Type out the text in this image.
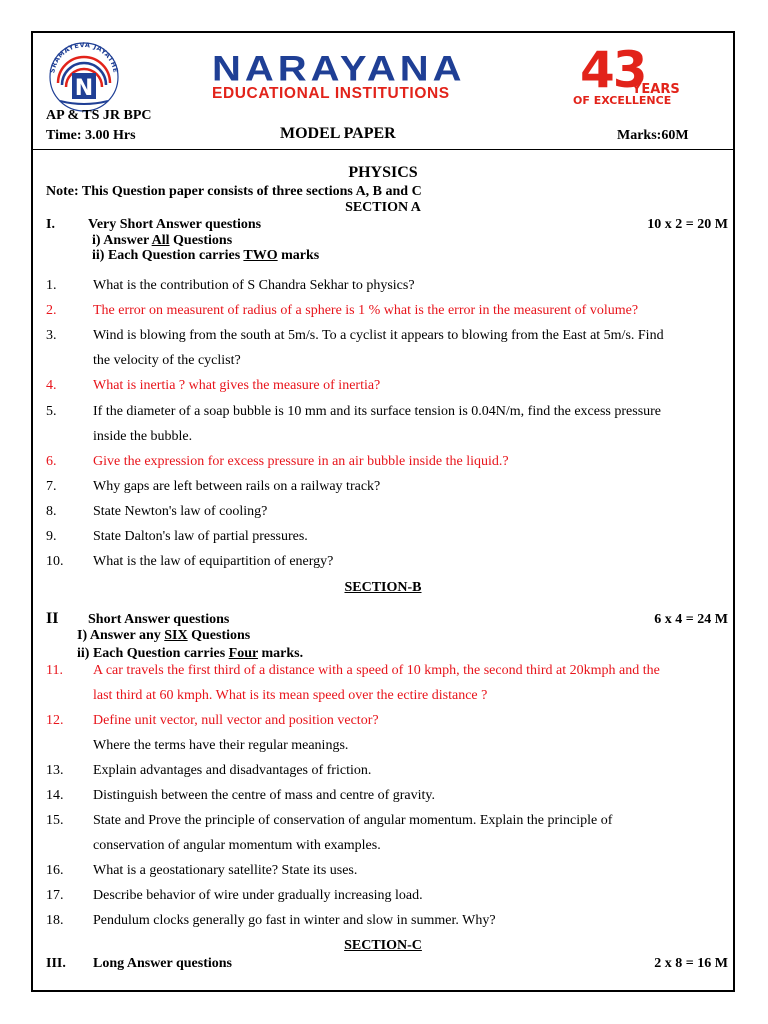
SRAMAYEVA JAYATHE
N
NARAYANA
EDUCATIONAL INSTITUTIONS	43
YEARS
OF EXCELLENCE
AP & TS JR BPC
Time: 3.00 Hrs	MODEL PAPER	Marks:60M
PHYSICS
Note: This Question paper consists of three sections A, B and C
SECTION A
I. Very Short Answer questions	10 x 2 = 20 M
i) Answer All Questions
ii) Each Question carries TWO marks
1.	What is the contribution of S Chandra Sekhar to physics?
2.	The error on measurent of radius of a sphere is 1 % what is the error in the measurent of volume?
3.	Wind is blowing from the south at 5m/s. To a cyclist it appears to blowing from the East at 5m/s. Find
the velocity of the cyclist?
4.	What is inertia ? what gives the measure of inertia?
5.	If the diameter of a soap bubble is 10 mm and its surface tension is 0.04N/m, find the excess pressure
inside the bubble.
6.	Give the expression for excess pressure in an air bubble inside the liquid.?
7.	Why gaps are left between rails on a railway track?
8.	State Newton's law of cooling?
9.	State Dalton's law of partial pressures.
10.	What is the law of equipartition of energy?
SECTION-B
II Short Answer questions	6 x 4 = 24 M
I) Answer any SIX Questions
ii) Each Question carries Four marks.
11.	A car travels the first third of a distance with a speed of 10 kmph, the second third at 20kmph and the
last third at 60 kmph. What is its mean speed over the ectire distance ?
12.	Define unit vector, null vector and position vector?
Where the terms have their regular meanings.
13.	Explain advantages and disadvantages of friction.
14.	Distinguish between the centre of mass and centre of gravity.
15.	State and Prove the principle of conservation of angular momentum. Explain the principle of
conservation of angular momentum with examples.
16.	What is a geostationary satellite? State its uses.
17.	Describe behavior of wire under gradually increasing load.
18.	Pendulum clocks generally go fast in winter and slow in summer. Why?
SECTION-C
III. Long Answer questions	2 x 8 = 16 M
